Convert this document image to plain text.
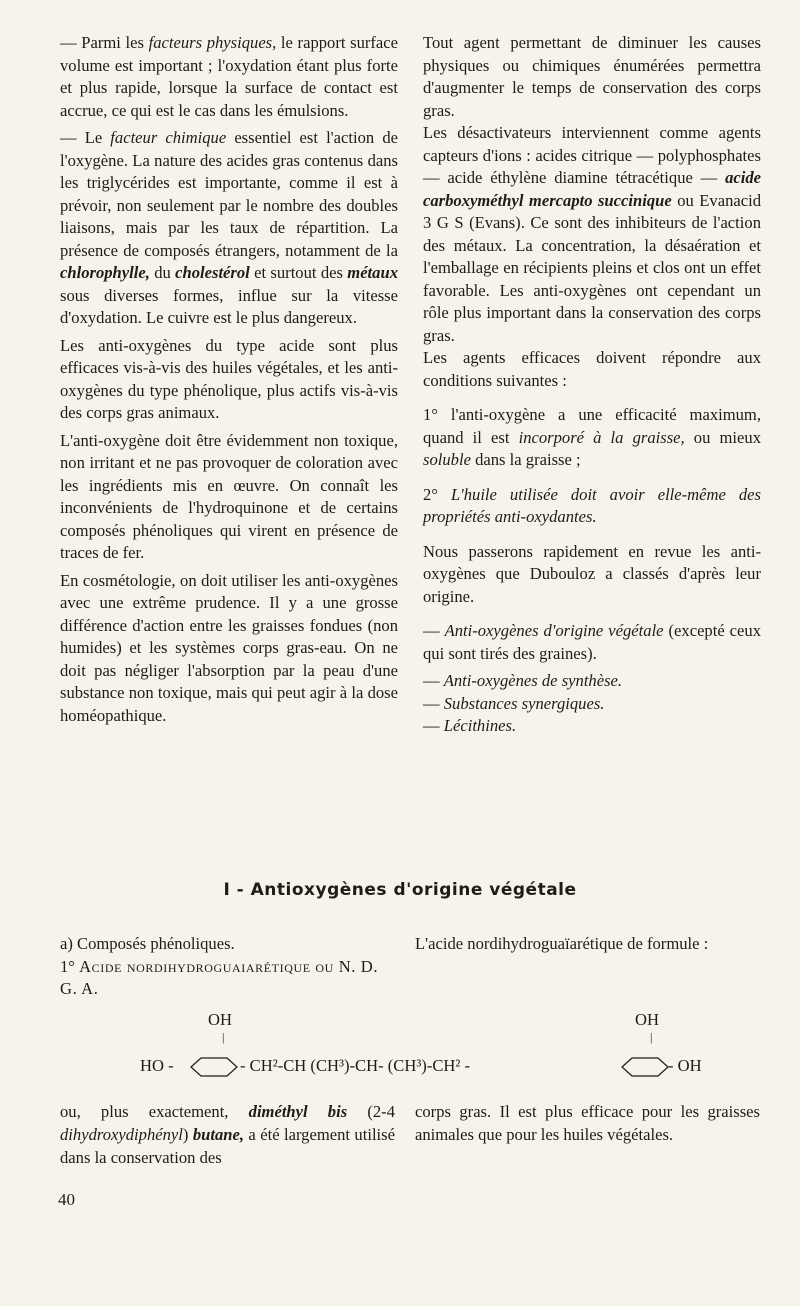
— Parmi les facteurs physiques, le rapport surface volume est important ; l'oxydation étant plus forte et plus rapide, lorsque la surface de contact est accrue, ce qui est le cas dans les émulsions.

— Le facteur chimique essentiel est l'action de l'oxygène. La nature des acides gras contenus dans les triglycérides est importante, comme il est à prévoir, non seulement par le nombre des doubles liaisons, mais par les taux de répartition. La présence de composés étrangers, notamment de la chlorophylle, du cholestérol et surtout des métaux sous diverses formes, influe sur la vitesse d'oxydation. Le cuivre est le plus dangereux.

Les anti-oxygènes du type acide sont plus efficaces vis-à-vis des huiles végétales, et les anti-oxygènes du type phénolique, plus actifs vis-à-vis des corps gras animaux.

L'anti-oxygène doit être évidemment non toxique, non irritant et ne pas provoquer de coloration avec les ingrédients mis en œuvre. On connaît les inconvénients de l'hydroquinone et de certains composés phénoliques qui virent en présence de traces de fer.

En cosmétologie, on doit utiliser les anti-oxygènes avec une extrême prudence. Il y a une grosse différence d'action entre les graisses fondues (non humides) et les systèmes corps gras-eau. On ne doit pas négliger l'absorption par la peau d'une substance non toxique, mais qui peut agir à la dose homéopathique.

Tout agent permettant de diminuer les causes physiques ou chimiques énumérées permettra d'augmenter le temps de conservation des corps gras.

Les désactivateurs interviennent comme agents capteurs d'ions : acides citrique — polyphosphates — acide éthylène diamine tétracétique — acide carboxyméthyl mercapto succinique ou Evanacid 3 G S (Evans). Ce sont des inhibiteurs de l'action des métaux. La concentration, la désaération et l'emballage en récipients pleins et clos ont un effet favorable. Les anti-oxygènes ont cependant un rôle plus important dans la conservation des corps gras.

Les agents efficaces doivent répondre aux conditions suivantes :

1° l'anti-oxygène a une efficacité maximum, quand il est incorporé à la graisse, ou mieux soluble dans la graisse ;

2° L'huile utilisée doit avoir elle-même des propriétés anti-oxydantes.

Nous passerons rapidement en revue les anti-oxygènes que Dubouloz a classés d'après leur origine.

— Anti-oxygènes d'origine végétale (excepté ceux qui sont tirés des graines).

— Anti-oxygènes de synthèse.

— Substances synergiques.

— Lécithines.

I - Antioxygènes d'origine végétale

a) Composés phénoliques.

1° Acide nordihydroguaiarétique ou N. D. G. A.

L'acide nordihydroguaïarétique de formule :

OH
|
HO -	- CH²-CH (CH³)-CH- (CH³)-CH² -
OH
|
- OH

ou, plus exactement, diméthyl bis (2-4 dihydroxydiphényl) butane, a été largement utilisé dans la conservation des

corps gras. Il est plus efficace pour les graisses animales que pour les huiles végétales.

40
